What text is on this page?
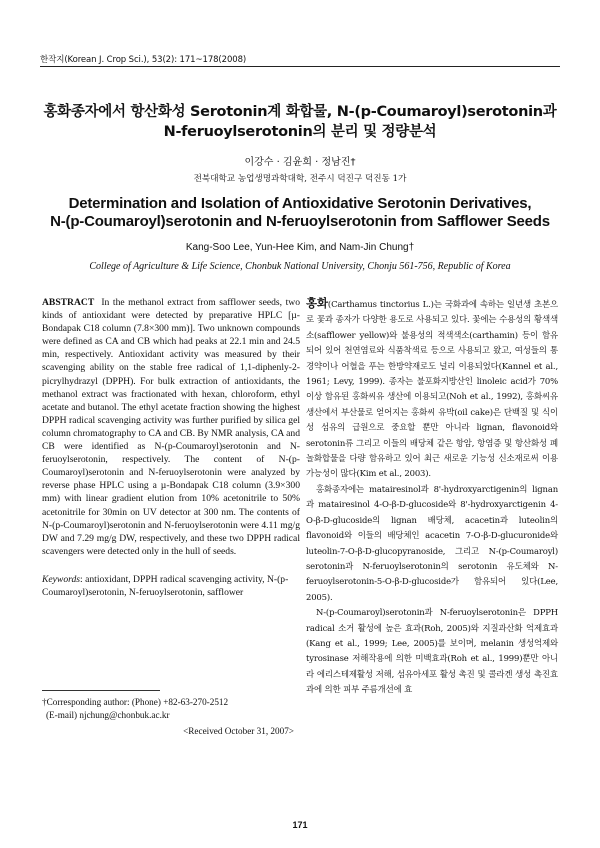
한작지(Korean J. Crop Sci.), 53(2): 171~178(2008)
홍화종자에서 항산화성 Serotonin계 화합물, N-(p-Coumaroyl)serotonin과
N-feruoylserotonin의 분리 및 정량분석
이강수 · 김윤희 · 정남진†
전북대학교 농업생명과학대학, 전주시 덕진구 덕진동 1가
Determination and Isolation of Antioxidative Serotonin Derivatives,
N-(p-Coumaroyl)serotonin and N-feruoylserotonin from Safflower Seeds
Kang-Soo Lee, Yun-Hee Kim, and Nam-Jin Chung†
College of Agriculture & Life Science, Chonbuk National University, Chonju 561-756, Republic of Korea
ABSTRACT In the methanol extract from safflower seeds, two kinds of antioxidant were detected by preparative HPLC [µ-Bondapak C18 column (7.8×300 mm)]. Two unknown compounds were defined as CA and CB which had peaks at 22.1 min and 24.5 min, respectively. Antioxidant activity was measured by their scavenging ability on the stable free radical of 1,1-diphenly-2-picrylhydrazyl (DPPH). For bulk extraction of antioxidants, the methanol extract was fractionated with hexan, chloroform, ethyl acetate and butanol. The ethyl acetate fraction showing the highest DPPH radical scavenging activity was further purified by silica gel column chromatography to CA and CB. By NMR analysis, CA and CB were identified as N-(p-Coumaroyl)serotonin and N-feruoylserotonin, respectively. The content of N-(p-Coumaroyl)serotonin and N-feruoylserotonin were analyzed by reverse phase HPLC using a µ-Bondapak C18 column (3.9×300 mm) with linear gradient elution from 10% acetonitrile to 50% acetonitrile for 30min on UV detector at 300 nm. The contents of N-(p-Coumaroyl)serotonin and N-feruoylserotonin were 4.11 mg/g DW and 7.29 mg/g DW, respectively, and these two DPPH radical scavengers were detected only in the hull of seeds.
Keywords: antioxidant, DPPH radical scavenging activity, N-(p-Coumaroyl)serotonin, N-feruoylserotonin, safflower
†Corresponding author: (Phone) +82-63-270-2512
(E-mail) njchung@chonbuk.ac.kr
<Received October 31, 2007>

홍화(Carthamus tinctorius L.)는 국화과에 속하는 일년생 초본으로 꽃과 종자가 다양한 용도로 사용되고 있다. 꽃에는 수용성의 황색색소(safflower yellow)와 불용성의 적색색소(carthamin) 등이 함유되어 있어 천연염료와 식품착색료 등으로 사용되고 왔고, 여성들의 통경약이나 어혈을 푸는 한방약재로도 널리 이용되었다(Kannel et al., 1961; Levy, 1999). 종자는 불포화지방산인 linoleic acid가 70% 이상 함유된 홍화씨유 생산에 이용되고(Noh et al., 1992), 홍화씨유 생산에서 부산물로 얻어지는 홍화씨 유박(oil cake)은 단백질 및 식이성 섬유의 급원으로 중요할 뿐만 아니라 lignan, flavonoid와 serotonin류 그리고 이들의 배당체 같은 항암, 항염증 및 항산화성 폐놀화합물을 다량 함유하고 있어 최근 새로운 기능성 신소재로써 이용 가능성이 많다(Kim et al., 2003).

홍화종자에는 matairesinol과 8'-hydroxyarctigenin의 lignan과 matairesinol 4-O-β-D-glucoside와 8'-hydroxyarctigenin 4-O-β-D-glucoside의 lignan 배당체, acacetin과 luteolin의 flavonoid와 이들의 배당체인 acacetin 7-O-β-D-glucuronide와 luteolin-7-O-β-D-glucopyranoside, 그리고 N-(p-Coumaroyl) serotonin과 N-feruoylserotonin의 serotonin 유도체와 N-feruoylserotonin-5-O-β-D-glucoside가 함유되어 있다(Lee, 2005).

N-(p-Coumaroyl)serotonin과 N-feruoylserotonin은 DPPH radical 소거 활성에 높은 효과(Roh, 2005)와 지질과산화 억제효과(Kang et al., 1999; Lee, 2005)를 보이며, melanin 생성억제와 tyrosinase 저해작용에 의한 미백효과(Roh et al., 1999)뿐만 아니라 에리스테제활성 저해, 섬유아세포 활성 촉진 및 콜라겐 생성 촉진효과에 의한 피부 주름개선에 효

171
